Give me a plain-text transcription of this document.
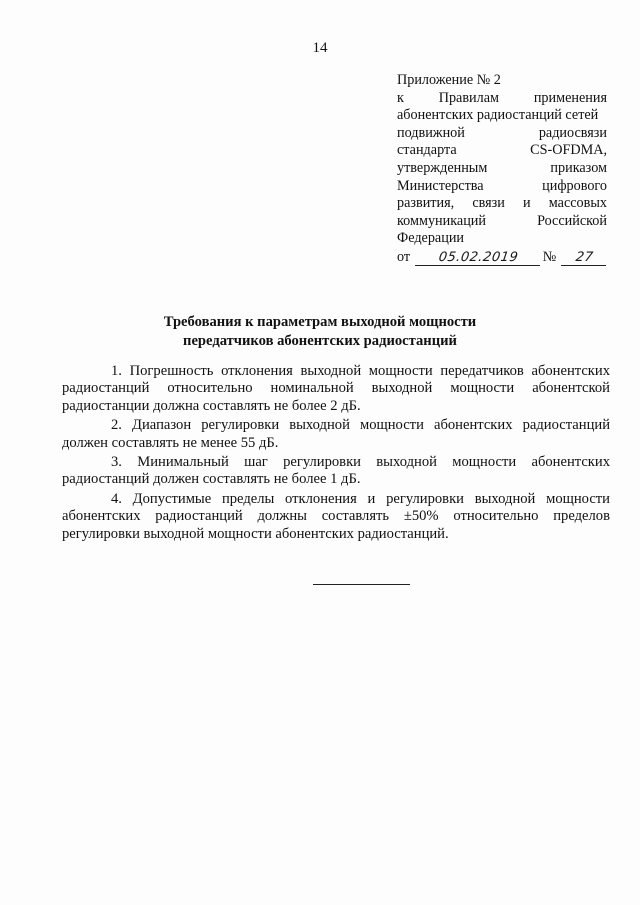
14
Приложение № 2
к Правилам применения
абонентских радиостанций сетей
подвижной	радиосвязи
стандарта	CS-OFDMA,
утвержденным	приказом
Министерства	цифрового
развития, связи и массовых
коммуникаций	Российской
Федерации
от	05.02.2019	№	27
Требования к параметрам выходной мощности
передатчиков абонентских радиостанций

1. Погрешность отклонения выходной мощности передатчиков абонентских радиостанций относительно номинальной выходной мощности абонентской радиостанции должна составлять не более 2 дБ.

2. Диапазон регулировки выходной мощности абонентских радиостанций должен составлять не менее 55 дБ.

3. Минимальный шаг регулировки выходной мощности абонентских радиостанций должен составлять не более 1 дБ.

4. Допустимые пределы отклонения и регулировки выходной мощности абонентских радиостанций должны составлять ±50% относительно пределов регулировки выходной мощности абонентских радиостанций.
